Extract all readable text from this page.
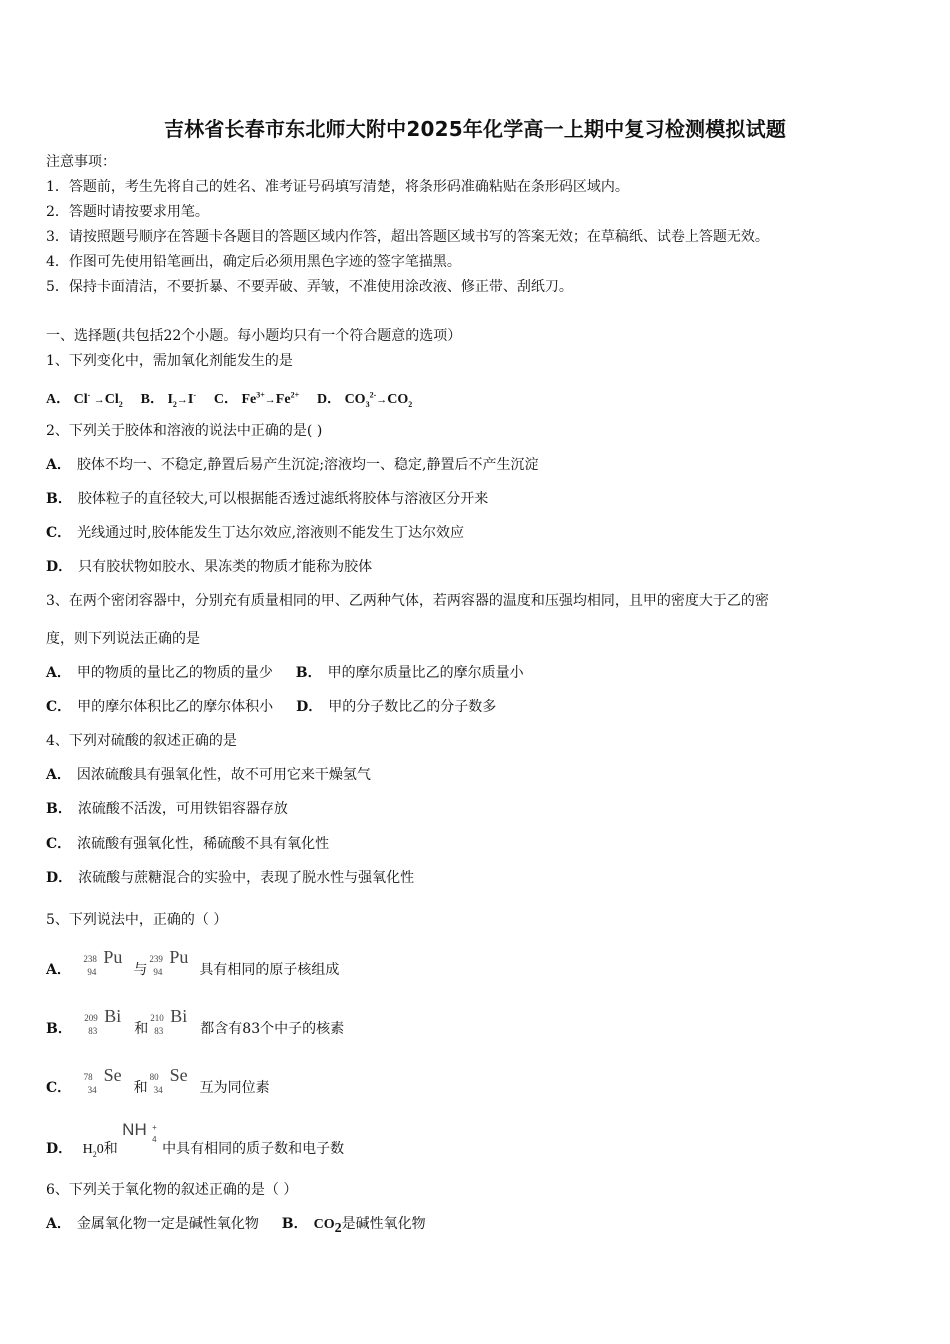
吉林省长春市东北师大附中2025年化学高一上期中复习检测模拟试题
注意事项：
1．答题前，考生先将自己的姓名、准考证号码填写清楚，将条形码准确粘贴在条形码区域内。
2．答题时请按要求用笔。
3．请按照题号顺序在答题卡各题目的答题区域内作答，超出答题区域书写的答案无效；在草稿纸、试卷上答题无效。
4．作图可先使用铅笔画出，确定后必须用黑色字迹的签字笔描黑。
5．保持卡面清洁，不要折暴、不要弄破、弄皱，不准使用涂改液、修正带、刮纸刀。
一、选择题(共包括22个小题。每小题均只有一个符合题意的选项）
1、下列变化中，需加氧化剂能发生的是
A． $Cl^- \to Cl_2$ B． $I_2\to I^-$ C． $Fe^{3+}\to Fe^{2+}$ D． $CO_3^{2-}\to CO_2$
2、下列关于胶体和溶液的说法中正确的是( )
A． 胶体不均一、不稳定,静置后易产生沉淀;溶液均一、稳定,静置后不产生沉淀
B． 胶体粒子的直径较大,可以根据能否透过滤纸将胶体与溶液区分开来
C． 光线通过时,胶体能发生丁达尔效应,溶液则不能发生丁达尔效应
D． 只有胶状物如胶水、果冻类的物质才能称为胶体
3、在两个密闭容器中，分别充有质量相同的甲、乙两种气体，若两容器的温度和压强均相同，且甲的密度大于乙的密
度，则下列说法正确的是
A． 甲的物质的量比乙的物质的量少 B． 甲的摩尔质量比乙的摩尔质量小
C． 甲的摩尔体积比乙的摩尔体积小 D． 甲的分子数比乙的分子数多
4、下列对硫酸的叙述正确的是
A． 因浓硫酸具有强氧化性，故不可用它来干燥氢气
B． 浓硫酸不活泼，可用铁铝容器存放
C． 浓硫酸有强氧化性，稀硫酸不具有氧化性
D． 浓硫酸与蔗糖混合的实验中，表现了脱水性与强氧化性
5、下列说法中，正确的（ ）
A．
238
94
Pu
与
239
94
Pu
具有相同的原子核组成
B．
209
83
Bi
和
210
83
Bi
都含有83个中子的核素
C．
78
34
Se
和
80
34
Se
互为同位素
D． $H_20$和
NH +
4
中具有相同的质子数和电子数
6、下列关于氧化物的叙述正确的是（ ）
A． 金属氧化物一定是碱性氧化物 B． $CO_2$是碱性氧化物
